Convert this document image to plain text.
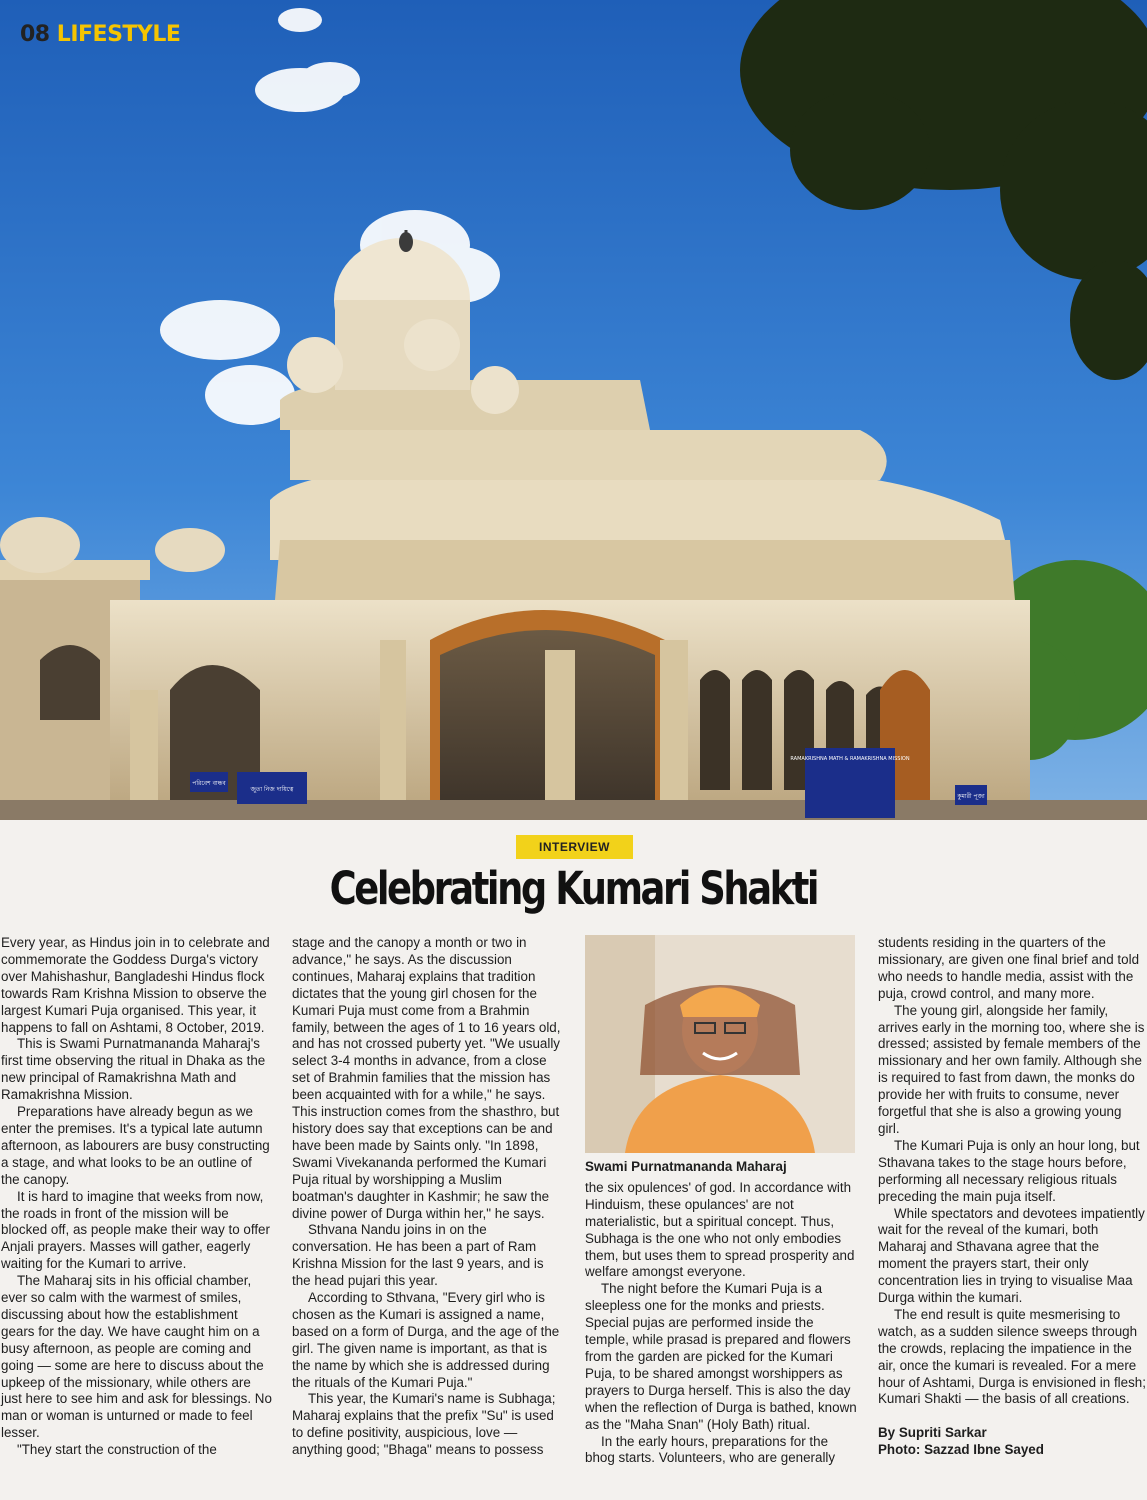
পরিবেশ বান্ধব
জুতা নিজ দায়িত্বে
RAMAKRISHNA MATH & RAMAKRISHNA MISSION
কুমারী পূজা
08 LIFESTYLE
INTERVIEW
Celebrating Kumari Shakti

Every year, as Hindus join in to celebrate and commemorate the Goddess Durga's victory over Mahishashur, Bangladeshi Hindus flock towards Ram Krishna Mission to observe the largest Kumari Puja organised. This year, it happens to fall on Ashtami, 8 October, 2019.

This is Swami Purnatmananda Maharaj's first time observing the ritual in Dhaka as the new principal of Ramakrishna Math and Ramakrishna Mission.

Preparations have already begun as we enter the premises. It's a typical late autumn afternoon, as labourers are busy constructing a stage, and what looks to be an outline of the canopy.

It is hard to imagine that weeks from now, the roads in front of the mission will be blocked off, as people make their way to offer Anjali prayers. Masses will gather, eagerly waiting for the Kumari to arrive.

The Maharaj sits in his official chamber, ever so calm with the warmest of smiles, discussing about how the establishment gears for the day. We have caught him on a busy afternoon, as people are coming and going — some are here to discuss about the upkeep of the missionary, while others are just here to see him and ask for blessings. No man or woman is unturned or made to feel lesser.

"They start the construction of the

stage and the canopy a month or two in advance," he says. As the discussion continues, Maharaj explains that tradition dictates that the young girl chosen for the Kumari Puja must come from a Brahmin family, between the ages of 1 to 16 years old, and has not crossed puberty yet. "We usually select 3-4 months in advance, from a close set of Brahmin families that the mission has been acquainted with for a while," he says. This instruction comes from the shasthro, but history does say that exceptions can be and have been made by Saints only. "In 1898, Swami Vivekananda performed the Kumari Puja ritual by worshipping a Muslim boatman's daughter in Kashmir; he saw the divine power of Durga within her," he says.

Sthvana Nandu joins in on the conversation. He has been a part of Ram Krishna Mission for the last 9 years, and is the head pujari this year.

According to Sthvana, "Every girl who is chosen as the Kumari is assigned a name, based on a form of Durga, and the age of the girl. The given name is important, as that is the name by which she is addressed during the rituals of the Kumari Puja."

This year, the Kumari's name is Subhaga; Maharaj explains that the prefix "Su" is used to define positivity, auspicious, love — anything good; "Bhaga" means to possess

Swami Purnatmananda Maharaj

the six opulences' of god. In accordance with Hinduism, these opulances' are not materialistic, but a spiritual concept. Thus, Subhaga is the one who not only embodies them, but uses them to spread prosperity and welfare amongst everyone.

The night before the Kumari Puja is a sleepless one for the monks and priests. Special pujas are performed inside the temple, while prasad is prepared and flowers from the garden are picked for the Kumari Puja, to be shared amongst worshippers as prayers to Durga herself. This is also the day when the reflection of Durga is bathed, known as the "Maha Snan" (Holy Bath) ritual.

In the early hours, preparations for the bhog starts. Volunteers, who are generally

students residing in the quarters of the missionary, are given one final brief and told who needs to handle media, assist with the puja, crowd control, and many more.

The young girl, alongside her family, arrives early in the morning too, where she is dressed; assisted by female members of the missionary and her own family. Although she is required to fast from dawn, the monks do provide her with fruits to consume, never forgetful that she is also a growing young girl.

The Kumari Puja is only an hour long, but Sthavana takes to the stage hours before, performing all necessary religious rituals preceding the main puja itself.

While spectators and devotees impatiently wait for the reveal of the kumari, both Maharaj and Sthavana agree that the moment the prayers start, their only concentration lies in trying to visualise Maa Durga within the kumari.

The end result is quite mesmerising to watch, as a sudden silence sweeps through the crowds, replacing the impatience in the air, once the kumari is revealed. For a mere hour of Ashtami, Durga is envisioned in flesh; Kumari Shakti — the basis of all creations.

By Supriti Sarkar
Photo: Sazzad Ibne Sayed
